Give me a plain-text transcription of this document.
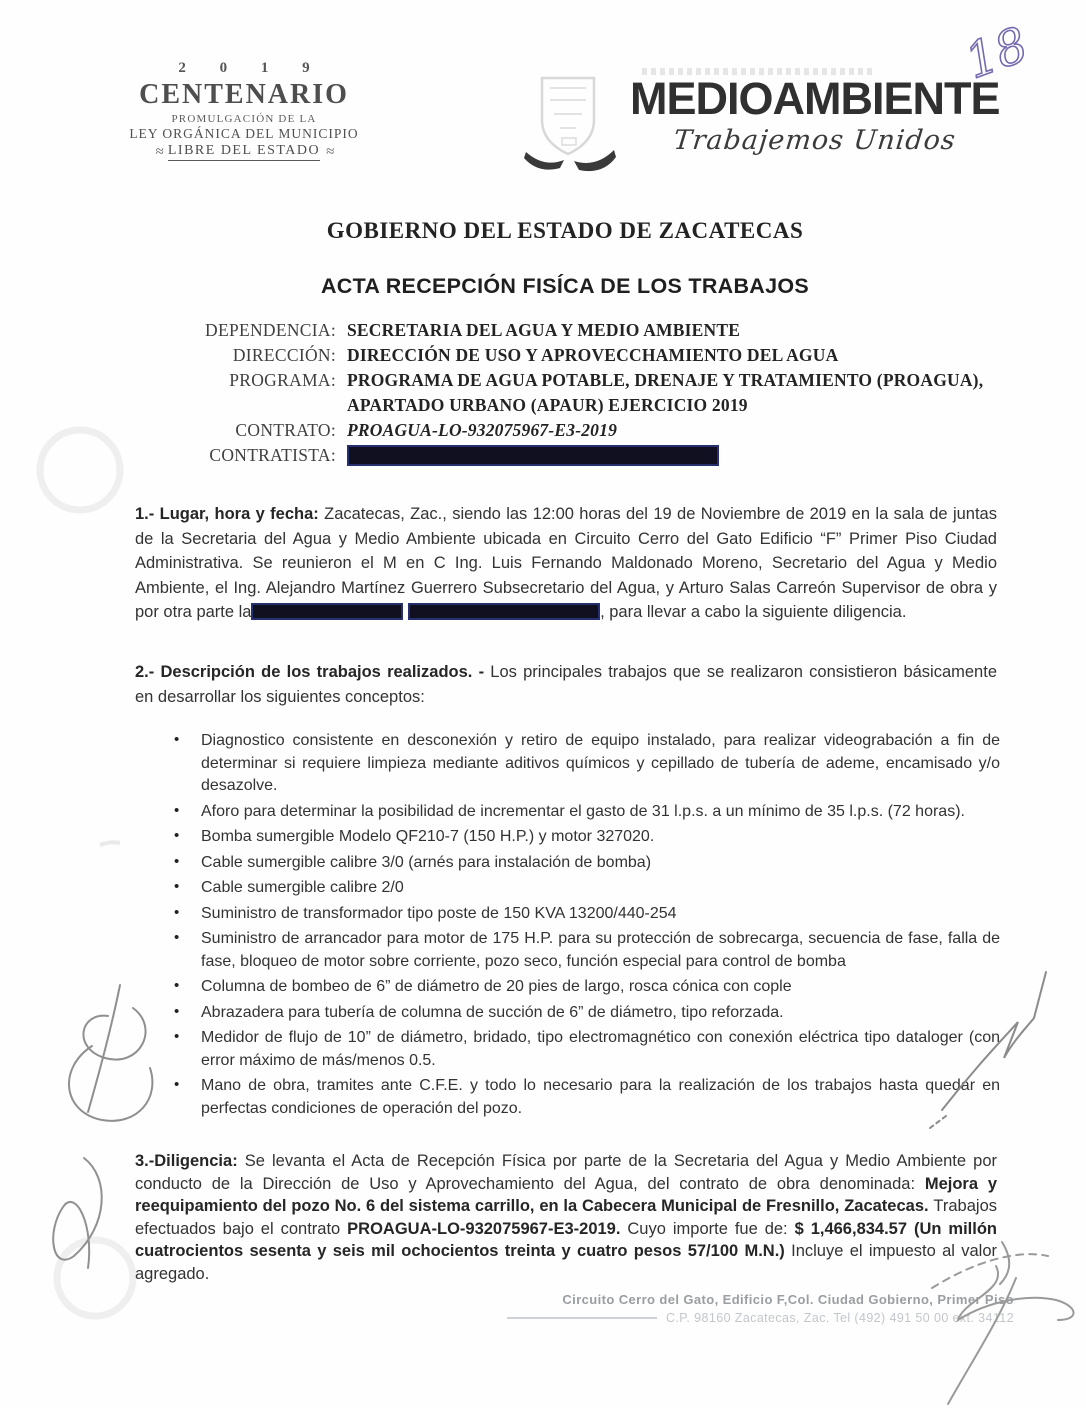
2 0 1 9
CENTENARIO
PROMULGACIÓN DE LA
LEY ORGÁNICA DEL MUNICIPIO
≈ LIBRE DEL ESTADO ≈
MEDIOAMBIENTE
Trabajemos Unidos
GOBIERNO DEL ESTADO DE ZACATECAS
ACTA RECEPCIÓN FISÍCA DE LOS TRABAJOS
DEPENDENCIA: SECRETARIA DEL AGUA Y MEDIO AMBIENTE
DIRECCIÓN: DIRECCIÓN DE USO Y APROVECCHAMIENTO DEL AGUA
PROGRAMA: PROGRAMA DE AGUA POTABLE, DRENAJE Y TRATAMIENTO (PROAGUA), APARTADO URBANO (APAUR) EJERCICIO 2019
CONTRATO: PROAGUA-LO-932075967-E3-2019
CONTRATISTA:
1.- Lugar, hora y fecha: Zacatecas, Zac., siendo las 12:00 horas del 19 de Noviembre de 2019 en la sala de juntas de la Secretaria del Agua y Medio Ambiente ubicada en Circuito Cerro del Gato Edificio “F” Primer Piso Ciudad Administrativa. Se reunieron el M en C Ing. Luis Fernando Maldonado Moreno, Secretario del Agua y Medio Ambiente, el Ing. Alejandro Martínez Guerrero Subsecretario del Agua, y Arturo Salas Carreón Supervisor de obra y por otra parte la	, para llevar a cabo la siguiente diligencia.
2.- Descripción de los trabajos realizados. - Los principales trabajos que se realizaron consistieron básicamente en desarrollar los siguientes conceptos:
• Diagnostico consistente en desconexión y retiro de equipo instalado, para realizar videograbación a fin de determinar si requiere limpieza mediante aditivos químicos y cepillado de tubería de ademe, encamisado y/o desazolve.
• Aforo para determinar la posibilidad de incrementar el gasto de 31 l.p.s. a un mínimo de 35 l.p.s. (72 horas).
• Bomba sumergible Modelo QF210-7 (150 H.P.) y motor 327020.
• Cable sumergible calibre 3/0 (arnés para instalación de bomba)
• Cable sumergible calibre 2/0
• Suministro de transformador tipo poste de 150 KVA 13200/440-254
• Suministro de arrancador para motor de 175 H.P. para su protección de sobrecarga, secuencia de fase, falla de fase, bloqueo de motor sobre corriente, pozo seco, función especial para control de bomba
• Columna de bombeo de 6” de diámetro de 20 pies de largo, rosca cónica con cople
• Abrazadera para tubería de columna de succión de 6” de diámetro, tipo reforzada.
• Medidor de flujo de 10” de diámetro, bridado, tipo electromagnético con conexión eléctrica tipo dataloger (con error máximo de más/menos 0.5.
• Mano de obra, tramites ante C.F.E. y todo lo necesario para la realización de los trabajos hasta quedar en perfectas condiciones de operación del pozo.
3.-Diligencia: Se levanta el Acta de Recepción Física por parte de la Secretaria del Agua y Medio Ambiente por conducto de la Dirección de Uso y Aprovechamiento del Agua, del contrato de obra denominada: Mejora y reequipamiento del pozo No. 6 del sistema carrillo, en la Cabecera Municipal de Fresnillo, Zacatecas. Trabajos efectuados bajo el contrato PROAGUA-LO-932075967-E3-2019. Cuyo importe fue de: $ 1,466,834.57 (Un millón cuatrocientos sesenta y seis mil ochocientos treinta y cuatro pesos 57/100 M.N.) Incluye el impuesto al valor agregado.
Circuito Cerro del Gato, Edificio F,Col. Ciudad Gobierno, Primer Piso
C.P. 98160 Zacatecas, Zac. Tel (492) 491 50 00 ext. 34112
18
